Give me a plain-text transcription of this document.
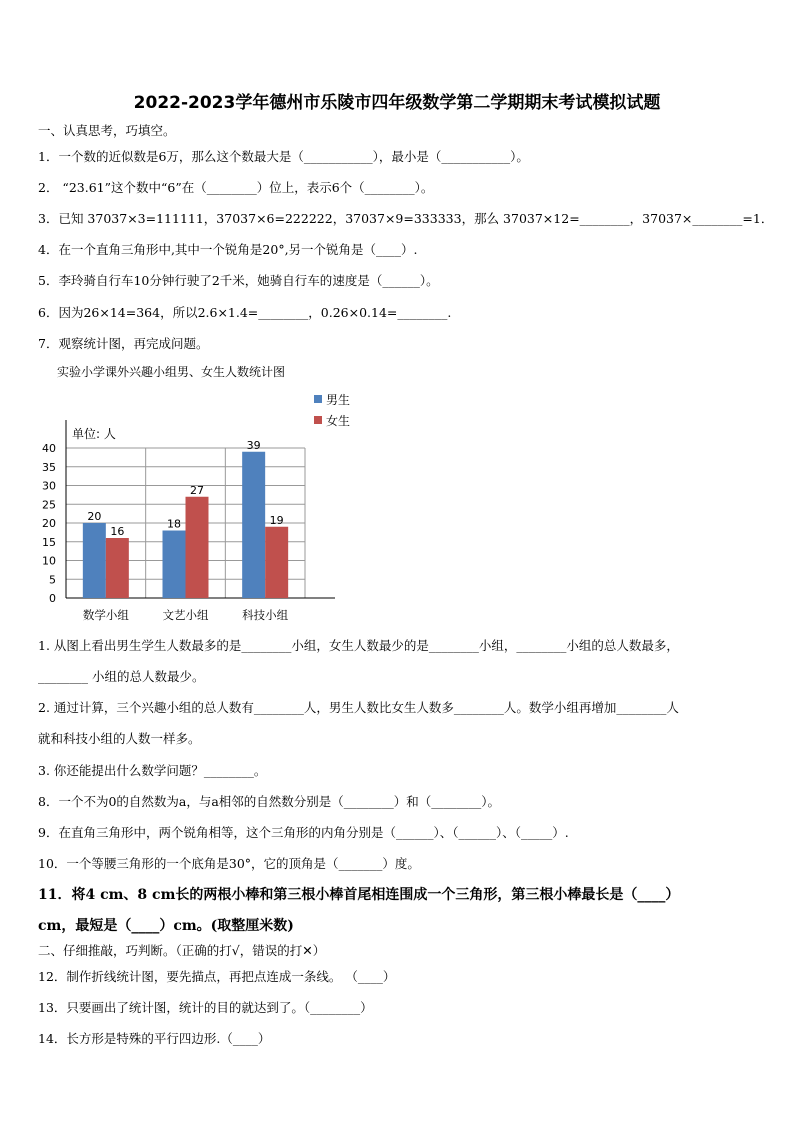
2022-2023学年德州市乐陵市四年级数学第二学期期末考试模拟试题
一、认真思考，巧填空。
1．一个数的近似数是6万，那么这个数最大是（___________），最小是（___________）。
2． “23.61”这个数中“6”在（________）位上，表示6个（________）。
3．已知 37037×3=111111，37037×6=222222，37037×9=333333，那么 37037×12=________，37037×________=1．
4．在一个直角三角形中,其中一个锐角是20°,另一个锐角是（____）.
5．李玲骑自行车10分钟行驶了2千米，她骑自行车的速度是（______）。
6．因为26×14=364，所以2.6×1.4=________，0.26×0.14=________.
7．观察统计图，再完成问题。
实验小学课外兴趣小组男、女生人数统计图
0
5
10
15
20
25
30
35
40
单位: 人
20
18
39
16
27
19
数学小组	文艺小组	科技小组
男生
女生
1. 从图上看出男生学生人数最多的是________小组，女生人数最少的是________小组，________小组的总人数最多，
________ 小组的总人数最少。
2. 通过计算，三个兴趣小组的总人数有________人，男生人数比女生人数多________人。数学小组再增加________人
就和科技小组的人数一样多。
3. 你还能提出什么数学问题？________。
8．一个不为0的自然数为a，与a相邻的自然数分别是（________）和（________）。
9．在直角三角形中，两个锐角相等，这个三角形的内角分别是（______）、（______）、（_____）.
10．一个等腰三角形的一个底角是30°，它的顶角是（_______）度。
11．将4 cm、8 cm长的两根小棒和第三根小棒首尾相连围成一个三角形，第三根小棒最长是（____）
cm，最短是（____）cm。(取整厘米数)
二、仔细推敲，巧判断。（正确的打√，错误的打✕）
12．制作折线统计图，要先描点，再把点连成一条线。 （____）
13．只要画出了统计图，统计的目的就达到了。（________）
14．长方形是特殊的平行四边形.（____）
